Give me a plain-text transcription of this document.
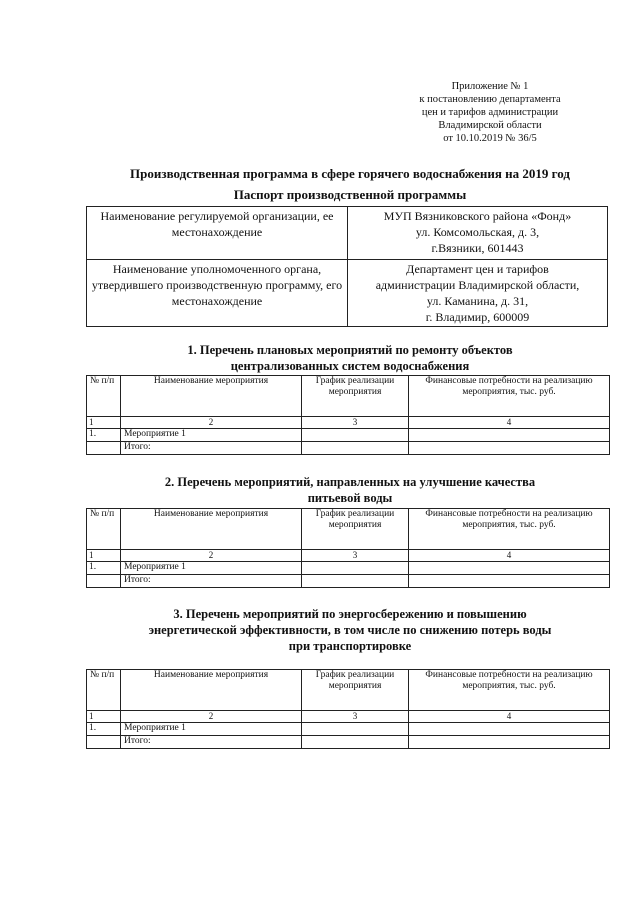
Приложение № 1
к постановлению департамента
цен и тарифов администрации
Владимирской области
от 10.10.2019 № 36/5
Производственная программа в сфере горячего водоснабжения на 2019 год
Паспорт производственной программы
Наименование регулируемой организации, ее местонахождение	МУП Вязниковского района «Фонд»
ул. Комсомольская, д. 3,
г.Вязники, 601443

Наименование уполномоченного органа, утвердившего производственную программу, его местонахождение	Департамент цен и тарифов
администрации Владимирской области,
ул. Каманина, д. 31,
г. Владимир, 600009
1. Перечень плановых мероприятий по ремонту объектов
централизованных систем водоснабжения
№ п/п	Наименование мероприятия	График реализации мероприятия	Финансовые потребности на реализацию мероприятия, тыс. руб.
1	2	3	4
1.	Мероприятие 1		
	Итого:		
2. Перечень мероприятий, направленных на улучшение качества
питьевой воды
№ п/п	Наименование мероприятия	График реализации мероприятия	Финансовые потребности на реализацию мероприятия, тыс. руб.
1	2	3	4
1.	Мероприятие 1		
	Итого:		
3. Перечень мероприятий по энергосбережению и повышению
энергетической эффективности, в том числе по снижению потерь воды
при транспортировке
№ п/п	Наименование мероприятия	График реализации мероприятия	Финансовые потребности на реализацию мероприятия, тыс. руб.
1	2	3	4
1.	Мероприятие 1		
	Итого:		
